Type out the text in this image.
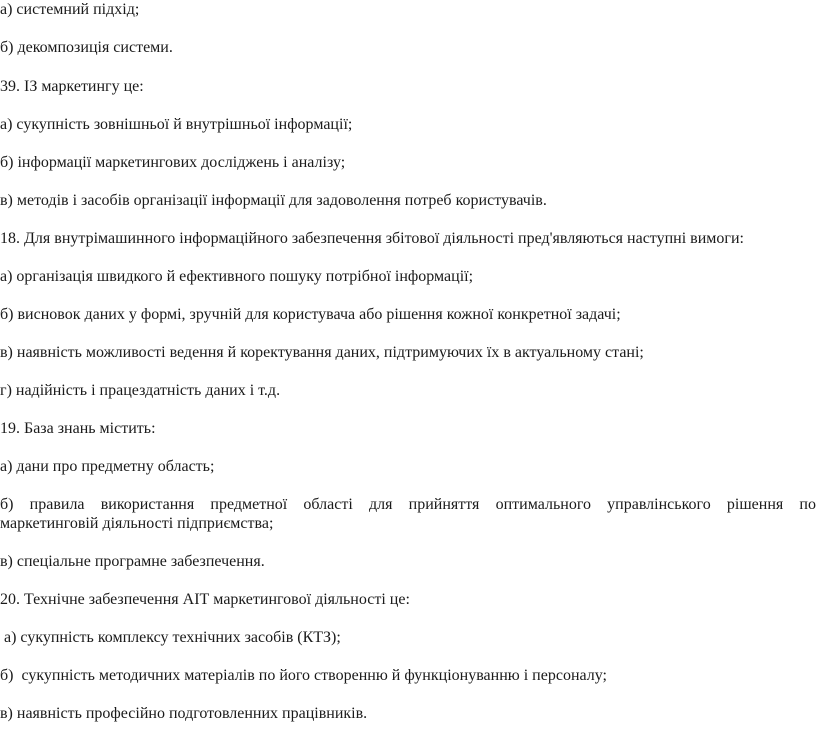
а) системний підхід;

б) декомпозиція системи.

39. ІЗ маркетингу це:

а) сукупність зовнішньої й внутрішньої інформації;

б) інформації маркетингових досліджень і аналізу;

в) методів і засобів організації інформації для задоволення потреб користувачів.

18. Для внутрімашинного інформаційного забезпечення збітової діяльності пред'являються наступні вимоги:

а) організація швидкого й ефективного пошуку потрібної інформації;

б) висновок даних у формі, зручній для користувача або рішення кожної конкретної задачі;

в) наявність можливості ведення й коректування даних, підтримуючих їх в актуальному стані;

г) надійність і працездатність даних і т.д.

19. База знань містить:

а) дани про предметну область;

б) правила використання предметної області для прийняття оптимального управлінського рішення по

маркетинговій діяльності підприємства;

в) спеціальне програмне забезпечення.

20. Технічне забезпечення АІТ маркетингової діяльності це:

а) сукупність комплексу технічних засобів (КТЗ);

б)  сукупність методичних матеріалів по його створенню й функціонуванню і персоналу;

в) наявність професійно подготовленних працівників.
